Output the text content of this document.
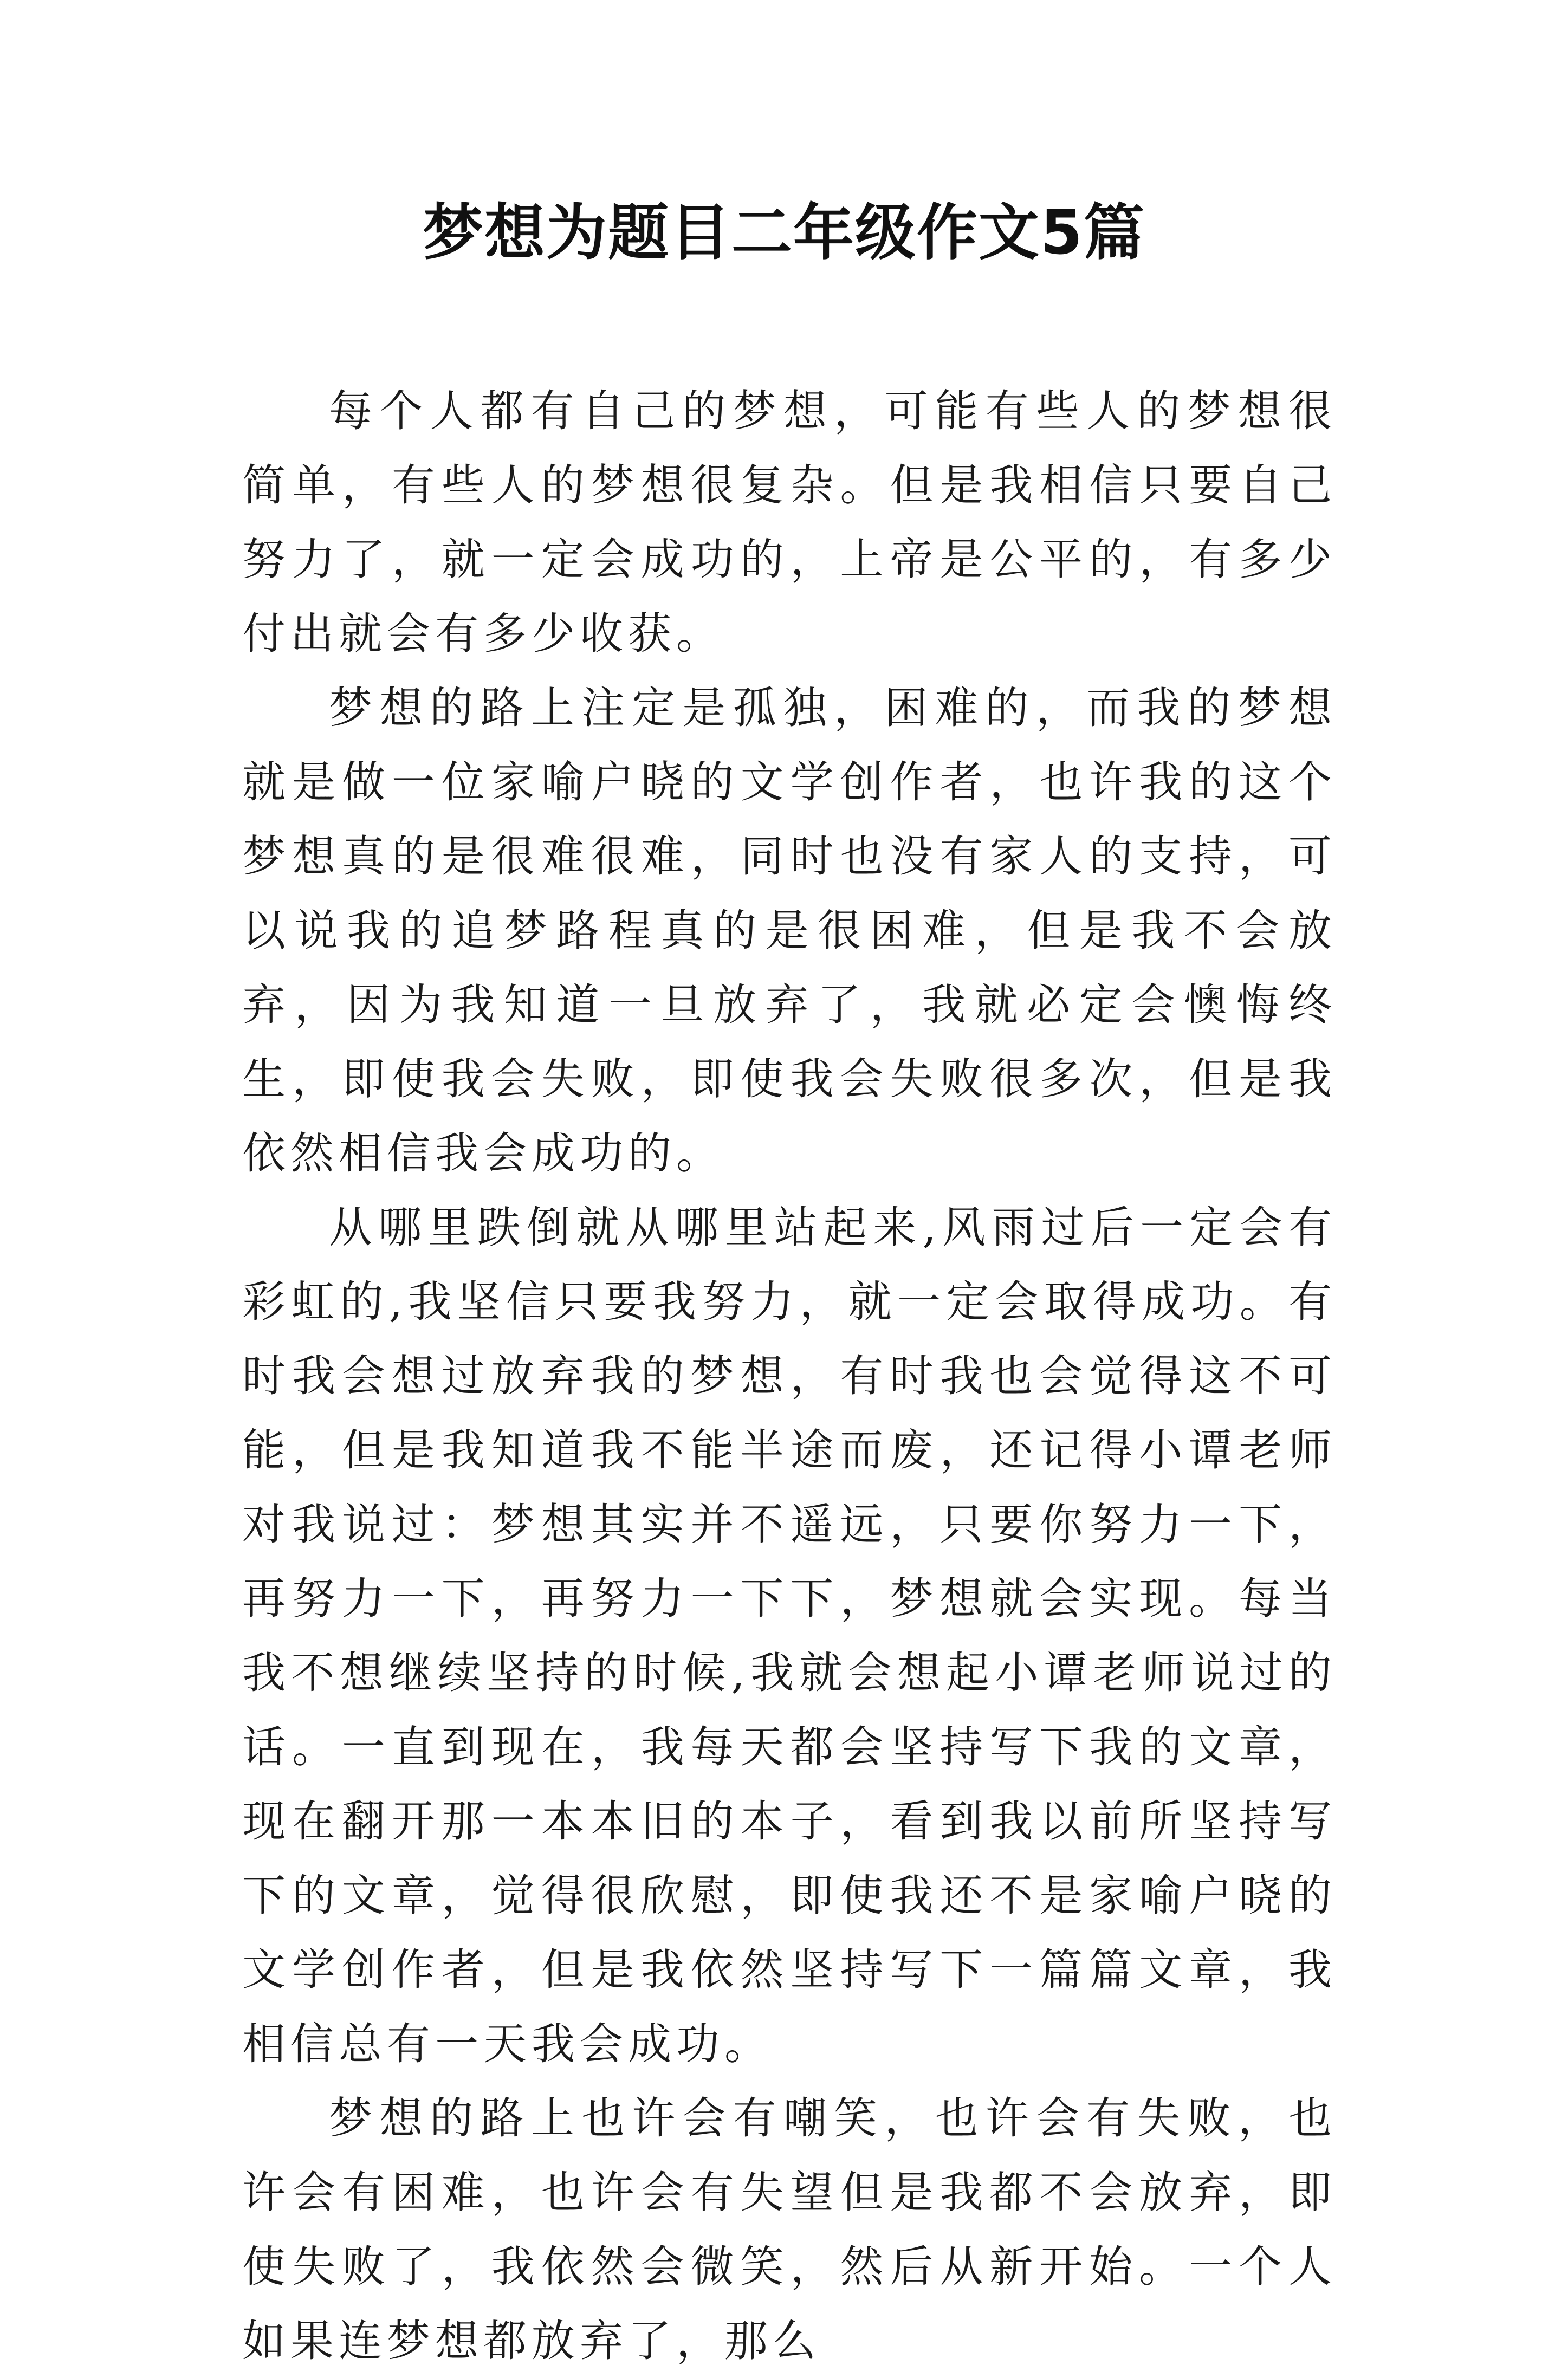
梦想为题目二年级作文5篇

每个人都有自己的梦想，可能有些人的梦想很简单，有些人的梦想很复杂。但是我相信只要自己努力了，就一定会成功的，上帝是公平的，有多少付出就会有多少收获。

梦想的路上注定是孤独，困难的，而我的梦想就是做一位家喻户晓的文学创作者，也许我的这个梦想真的是很难很难，同时也没有家人的支持，可以说我的追梦路程真的是很困难，但是我不会放弃，因为我知道一旦放弃了，我就必定会懊悔终生，即使我会失败，即使我会失败很多次，但是我依然相信我会成功的。

从哪里跌倒就从哪里站起来,风雨过后一定会有彩虹的,我坚信只要我努力，就一定会取得成功。有时我会想过放弃我的梦想，有时我也会觉得这不可能，但是我知道我不能半途而废，还记得小谭老师对我说过：梦想其实并不遥远，只要你努力一下，再努力一下，再努力一下下，梦想就会实现。每当我不想继续坚持的时候,我就会想起小谭老师说过的话。一直到现在，我每天都会坚持写下我的文章，现在翻开那一本本旧的本子，看到我以前所坚持写下的文章，觉得很欣慰，即使我还不是家喻户晓的文学创作者，但是我依然坚持写下一篇篇文章，我相信总有一天我会成功。

梦想的路上也许会有嘲笑，也许会有失败，也许会有困难，也许会有失望但是我都不会放弃，即使失败了，我依然会微笑，然后从新开始。一个人如果连梦想都放弃了，那么
